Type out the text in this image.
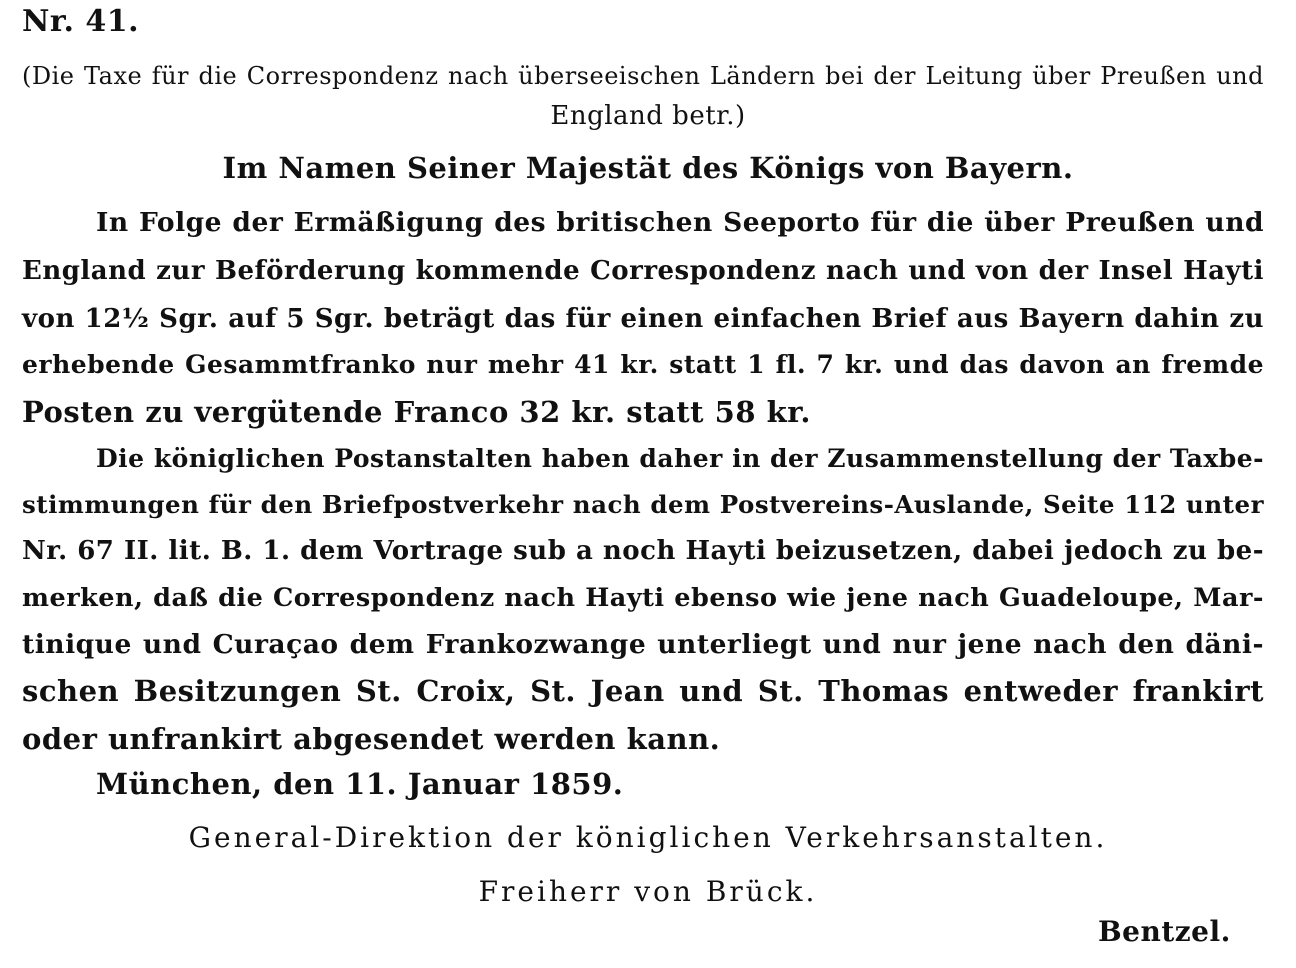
Nr. 41.
(Die Taxe für die Correspondenz nach überseeischen Ländern bei der Leitung über Preußen und
England betr.)
Im Namen Seiner Majestät des Königs von Bayern.
In Folge der Ermäßigung des britischen Seeporto für die über Preußen und
England zur Beförderung kommende Correspondenz nach und von der Insel Hayti
von 12½ Sgr. auf 5 Sgr. beträgt das für einen einfachen Brief aus Bayern dahin zu
erhebende Gesammtfranko nur mehr 41 kr. statt 1 fl. 7 kr. und das davon an fremde
Posten zu vergütende Franco 32 kr. statt 58 kr.
Die königlichen Postanstalten haben daher in der Zusammenstellung der Taxbe-
stimmungen für den Briefpostverkehr nach dem Postvereins-Auslande, Seite 112 unter
Nr. 67 II. lit. B. 1. dem Vortrage sub a noch Hayti beizusetzen, dabei jedoch zu be-
merken, daß die Correspondenz nach Hayti ebenso wie jene nach Guadeloupe, Mar-
tinique und Curaçao dem Frankozwange unterliegt und nur jene nach den däni-
schen Besitzungen St. Croix, St. Jean und St. Thomas entweder frankirt
oder unfrankirt abgesendet werden kann.
München, den 11. Januar 1859.
General-Direktion der königlichen Verkehrsanstalten.
Freiherr von Brück.
Bentzel.
